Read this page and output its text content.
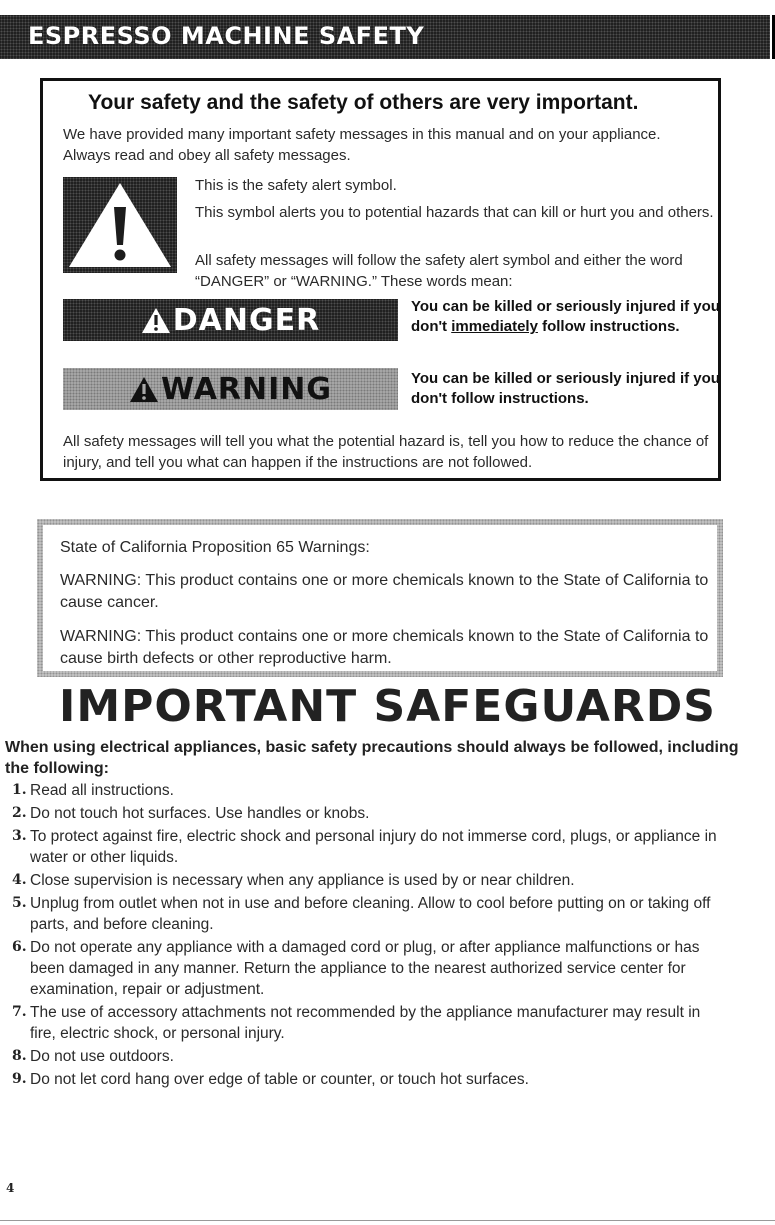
ESPRESSO MACHINE SAFETY
Your safety and the safety of others are very important.
We have provided many important safety messages in this manual and on your appliance. Always read and obey all safety messages.
This is the safety alert symbol.
This symbol alerts you to potential hazards that can kill or hurt you and others.
All safety messages will follow the safety alert symbol and either the word “DANGER” or “WARNING.” These words mean:
DANGER	You can be killed or seriously injured if you don't immediately follow instructions.
WARNING	You can be killed or seriously injured if you don't follow instructions.
All safety messages will tell you what the potential hazard is, tell you how to reduce the chance of injury, and tell you what can happen if the instructions are not followed.
State of California Proposition 65 Warnings:
WARNING: This product contains one or more chemicals known to the State of California to cause cancer.
WARNING: This product contains one or more chemicals known to the State of California to cause birth defects or other reproductive harm.
IMPORTANT SAFEGUARDS
When using electrical appliances, basic safety precautions should always be followed, including the following:
1. Read all instructions.
2. Do not touch hot surfaces. Use handles or knobs.
3. To protect against fire, electric shock and personal injury do not immerse cord, plugs, or appliance in water or other liquids.
4. Close supervision is necessary when any appliance is used by or near children.
5. Unplug from outlet when not in use and before cleaning. Allow to cool before putting on or taking off parts, and before cleaning.
6. Do not operate any appliance with a damaged cord or plug, or after appliance malfunctions or has been damaged in any manner. Return the appliance to the nearest authorized service center for examination, repair or adjustment.
7. The use of accessory attachments not recommended by the appliance manufacturer may result in fire, electric shock, or personal injury.
8. Do not use outdoors.
9. Do not let cord hang over edge of table or counter, or touch hot surfaces.
4
